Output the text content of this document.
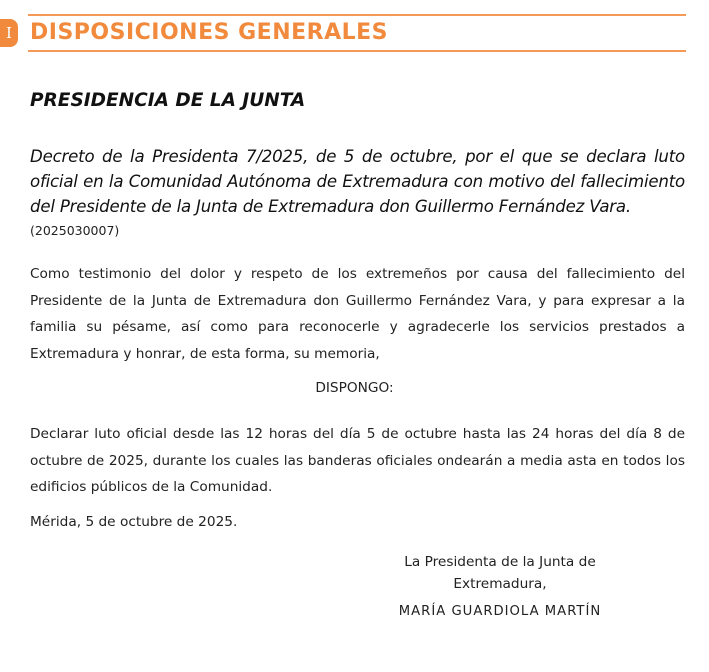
I DISPOSICIONES GENERALES
PRESIDENCIA DE LA JUNTA
Decreto de la Presidenta 7/2025, de 5 de octubre, por el que se declara luto oficial en la Comunidad Autónoma de Extremadura con motivo del fallecimiento del Presidente de la Junta de Extremadura don Guillermo Fernández Vara.
(2025030007)
Como testimonio del dolor y respeto de los extremeños por causa del fallecimiento del Presidente de la Junta de Extremadura don Guillermo Fernández Vara, y para expresar a la familia su pésame, así como para reconocerle y agradecerle los servicios prestados a Extremadura y honrar, de esta forma, su memoria,
DISPONGO:
Declarar luto oficial desde las 12 horas del día 5 de octubre hasta las 24 horas del día 8 de octubre de 2025, durante los cuales las banderas oficiales ondearán a media asta en todos los edificios públicos de la Comunidad.
Mérida, 5 de octubre de 2025.
La Presidenta de la Junta de Extremadura,
MARÍA GUARDIOLA MARTÍN
